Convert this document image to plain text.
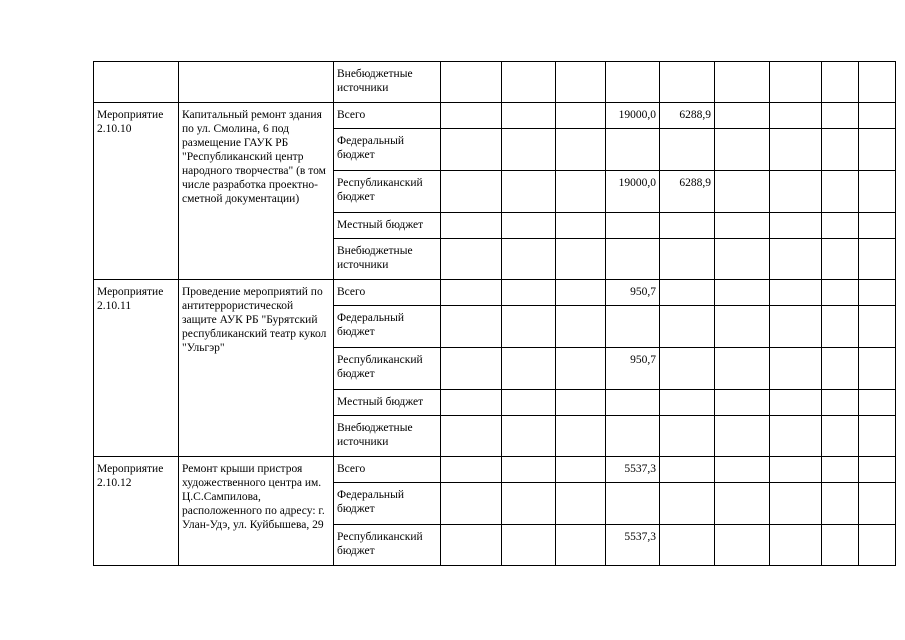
		Внебюджетные источники									
Мероприятие 2.10.10	Капитальный ремонт здания по ул. Смолина, 6 под размещение ГАУК РБ "Республиканский центр народного творчества" (в том числе разработка проектно-сметной документации)	Всего				19000,0	6288,9				
		Федеральный бюджет									
		Республиканский бюджет				19000,0	6288,9				
		Местный бюджет									
		Внебюджетные источники									
Мероприятие 2.10.11	Проведение мероприятий по антитеррористической защите АУК РБ "Бурятский республиканский театр кукол "Ульгэр"	Всего				950,7					
		Федеральный бюджет									
		Республиканский бюджет				950,7					
		Местный бюджет									
		Внебюджетные источники									
Мероприятие 2.10.12	Ремонт крыши пристроя художественного центра им. Ц.С.Сампилова, расположенного по адресу: г. Улан-Удэ, ул. Куйбышева, 29	Всего				5537,3					
		Федеральный бюджет									
		Республиканский бюджет				5537,3					
